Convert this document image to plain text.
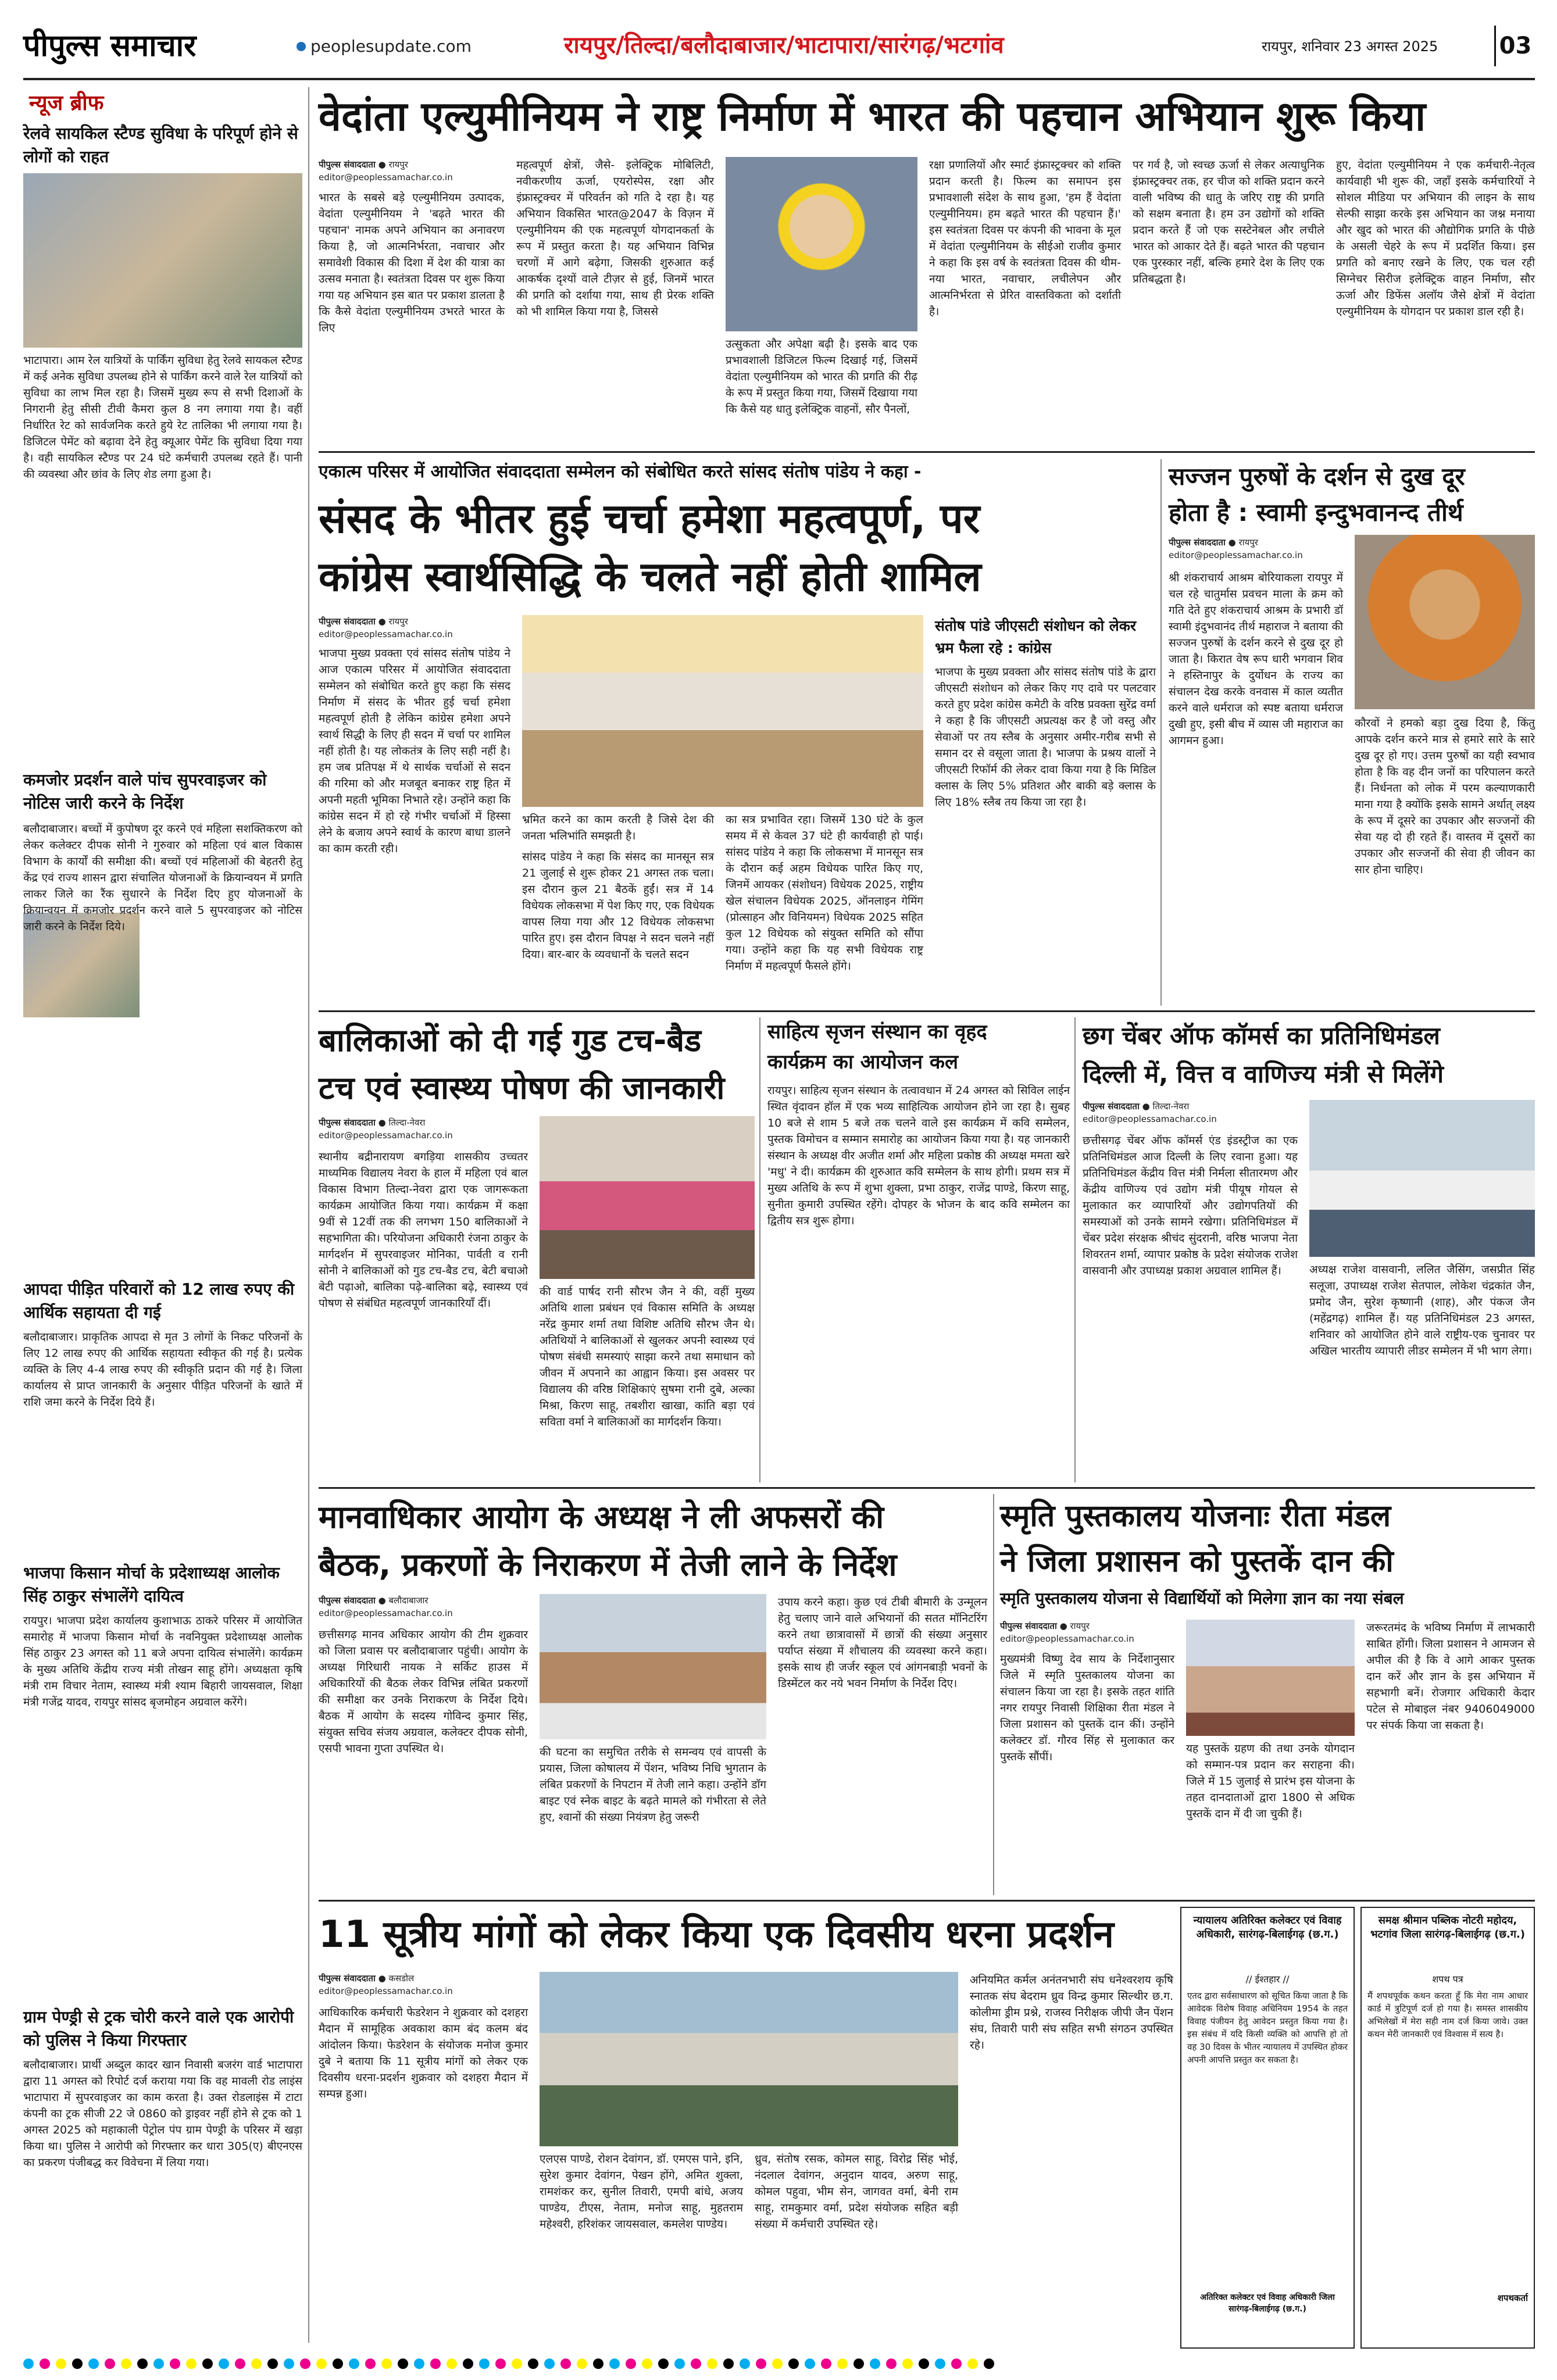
पीपुल्स समाचार	peoplesupdate.com	रायपुर/तिल्दा/बलौदाबाजार/भाटापारा/सारंगढ़/भटगांव	रायपुर, शनिवार 23 अगस्त 2025	03
न्यूज ब्रीफ
रेलवे सायकिल स्टैण्ड सुविधा के परिपूर्ण होने से लोगों को राहत
भाटापारा। आम रेल यात्रियों के पार्किंग सुविधा हेतु रेलवे सायकल स्टैण्ड में कई अनेक सुविधा उपलब्ध होने से पार्किंग करने वाले रेल यात्रियों को सुविधा का लाभ मिल रहा है। जिसमें मुख्य रूप से सभी दिशाओं के निगरानी हेतु सीसी टीवी कैमरा कुल 8 नग लगाया गया है। वहीं निर्धारित रेट को सार्वजनिक करते हुये रेट तालिका भी लगाया गया है। डिजिटल पेमेंट को बढ़ावा देने हेतु क्यूआर पेमेंट कि सुविधा दिया गया है। वही सायकिल स्टैण्ड पर 24 घंटे कर्मचारी उपलब्ध रहते हैं। पानी की व्यवस्था और छांव के लिए शेड लगा हुआ है।
कमजोर प्रदर्शन वाले पांच सुपरवाइजर को नोटिस जारी करने के निर्देश
बलौदाबाजार। बच्चों में कुपोषण दूर करने एवं महिला सशक्तिकरण को लेकर कलेक्टर दीपक सोनी ने गुरुवार को महिला एवं बाल विकास विभाग के कार्यों की समीक्षा की। बच्चों एवं महिलाओं की बेहतरी हेतु केंद्र एवं राज्य शासन द्वारा संचालित योजनाओं के क्रियान्वयन में प्रगति लाकर जिले का रैंक सुधारने के निर्देश दिए हुए योजनाओं के क्रियान्वयन में कमजोर प्रदर्शन करने वाले 5 सुपरवाइजर को नोटिस जारी करने के निर्देश दिये।
आपदा पीड़ित परिवारों को 12 लाख रुपए की आर्थिक सहायता दी गई
बलौदाबाजार। प्राकृतिक आपदा से मृत 3 लोगों के निकट परिजनों के लिए 12 लाख रुपए की आर्थिक सहायता स्वीकृत की गई है। प्रत्येक व्यक्ति के लिए 4-4 लाख रुपए की स्वीकृति प्रदान की गई है। जिला कार्यालय से प्राप्त जानकारी के अनुसार पीड़ित परिजनों के खाते में राशि जमा करने के निर्देश दिये हैं।
भाजपा किसान मोर्चा के प्रदेशाध्यक्ष आलोक सिंह ठाकुर संभालेंगे दायित्व
रायपुर। भाजपा प्रदेश कार्यालय कुशाभाऊ ठाकरे परिसर में आयोजित समारोह में भाजपा किसान मोर्चा के नवनियुक्त प्रदेशाध्यक्ष आलोक सिंह ठाकुर 23 अगस्त को 11 बजे अपना दायित्व संभालेंगे। कार्यक्रम के मुख्य अतिथि केंद्रीय राज्य मंत्री तोखन साहू होंगे। अध्यक्षता कृषि मंत्री राम विचार नेताम, स्वास्थ्य मंत्री श्याम बिहारी जायसवाल, शिक्षा मंत्री गजेंद्र यादव, रायपुर सांसद बृजमोहन अग्रवाल करेंगे।
ग्राम पेण्ड्री से ट्रक चोरी करने वाले एक आरोपी को पुलिस ने किया गिरफ्तार
बलौदाबाजार। प्रार्थी अब्दुल कादर खान निवासी बजरंग वार्ड भाटापारा द्वारा 11 अगस्त को रिपोर्ट दर्ज कराया गया कि वह मावली रोड लाइंस भाटापारा में सुपरवाइजर का काम करता है। उक्त रोडलाइंस में टाटा कंपनी का ट्रक सीजी 22 जे 0860 को ड्राइवर नहीं होने से ट्रक को 1 अगस्त 2025 को महाकाली पेट्रोल पंप ग्राम पेण्ड्री के परिसर में खड़ा किया था। पुलिस ने आरोपी को गिरफ्तार कर धारा 305(ए) बीएनएस का प्रकरण पंजीबद्ध कर विवेचना में लिया गया।
वेदांता एल्युमीनियम ने राष्ट्र निर्माण में भारत की पहचान अभियान शुरू किया
पीपुल्स संवाददाता ● रायपुर
editor@peoplessamachar.co.in
भारत के सबसे बड़े एल्युमीनियम उत्पादक, वेदांता एल्युमीनियम ने 'बढ़ते भारत की पहचान' नामक अपने अभियान का अनावरण किया है, जो आत्मनिर्भरता, नवाचार और समावेशी विकास की दिशा में देश की यात्रा का उत्सव मनाता है। स्वतंत्रता दिवस पर शुरू किया गया यह अभियान इस बात पर प्रकाश डालता है कि कैसे वेदांता एल्युमीनियम उभरते भारत के लिए
महत्वपूर्ण क्षेत्रों, जैसे- इलेक्ट्रिक मोबिलिटी, नवीकरणीय ऊर्जा, एयरोस्पेस, रक्षा और इंफ्रास्ट्रक्चर में परिवर्तन को गति दे रहा है। यह अभियान विकसित भारत@2047 के विज़न में एल्युमीनियम की एक महत्वपूर्ण योगदानकर्ता के रूप में प्रस्तुत करता है। यह अभियान विभिन्न चरणों में आगे बढ़ेगा, जिसकी शुरुआत कई आकर्षक दृश्यों वाले टीज़र से हुई, जिनमें भारत की प्रगति को दर्शाया गया, साथ ही प्रेरक शक्ति को भी शामिल किया गया है, जिससे
उत्सुकता और अपेक्षा बढ़ी है। इसके बाद एक प्रभावशाली डिजिटल फिल्म दिखाई गई, जिसमें वेदांता एल्युमीनियम को भारत की प्रगति की रीढ़ के रूप में प्रस्तुत किया गया, जिसमें दिखाया गया कि कैसे यह धातु इलेक्ट्रिक वाहनों, सौर पैनलों,
रक्षा प्रणालियों और स्मार्ट इंफ्रास्ट्रक्चर को शक्ति प्रदान करती है। फिल्म का समापन इस प्रभावशाली संदेश के साथ हुआ, 'हम हैं वेदांता एल्युमीनियम। हम बढ़ते भारत की पहचान हैं।' इस स्वतंत्रता दिवस पर कंपनी की भावना के मूल में वेदांता एल्युमीनियम के सीईओ राजीव कुमार ने कहा कि इस वर्ष के स्वतंत्रता दिवस की थीम- नया भारत, नवाचार, लचीलेपन और आत्मनिर्भरता से प्रेरित वास्तविकता को दर्शाती है।
पर गर्व है, जो स्वच्छ ऊर्जा से लेकर अत्याधुनिक इंफ्रास्ट्रक्चर तक, हर चीज को शक्ति प्रदान करने वाली भविष्य की धातु के जरिए राष्ट्र की प्रगति को सक्षम बनाता है। हम उन उद्योगों को शक्ति प्रदान करते हैं जो एक सस्टेनेबल और लचीले भारत को आकार देते हैं। बढ़ते भारत की पहचान एक पुरस्कार नहीं, बल्कि हमारे देश के लिए एक प्रतिबद्धता है।
हुए, वेदांता एल्युमीनियम ने एक कर्मचारी-नेतृत्व कार्यवाही भी शुरू की, जहाँ इसके कर्मचारियों ने सोशल मीडिया पर अभियान की लाइन के साथ सेल्फी साझा करके इस अभियान का जश्न मनाया और खुद को भारत की औद्योगिक प्रगति के पीछे के असली चेहरे के रूप में प्रदर्शित किया। इस प्रगति को बनाए रखने के लिए, एक चल रही सिग्नेचर सिरीज इलेक्ट्रिक वाहन निर्माण, सौर ऊर्जा और डिफेंस अलॉय जैसे क्षेत्रों में वेदांता एल्युमीनियम के योगदान पर प्रकाश डाल रही है।
एकात्म परिसर में आयोजित संवाददाता सम्मेलन को संबोधित करते सांसद संतोष पांडेय ने कहा -
संसद के भीतर हुई चर्चा हमेशा महत्वपूर्ण, पर
कांग्रेस स्वार्थसिद्धि के चलते नहीं होती शामिल
पीपुल्स संवाददाता ● रायपुर
editor@peoplessamachar.co.in
भाजपा मुख्य प्रवक्ता एवं सांसद संतोष पांडेय ने आज एकात्म परिसर में आयोजित संवाददाता सम्मेलन को संबोधित करते हुए कहा कि संसद निर्माण में संसद के भीतर हुई चर्चा हमेशा महत्वपूर्ण होती है लेकिन कांग्रेस हमेशा अपने स्वार्थ सिद्धी के लिए ही सदन में चर्चा पर शामिल नहीं होती है। यह लोकतंत्र के लिए सही नहीं है। हम जब प्रतिपक्ष में थे सार्थक चर्चाओं से सदन की गरिमा को और मजबूत बनाकर राष्ट्र हित में अपनी महती भूमिका निभाते रहे। उन्होंने कहा कि कांग्रेस सदन में हो रहे गंभीर चर्चाओं में हिस्सा लेने के बजाय अपने स्वार्थ के कारण बाधा डालने का काम करती रही।
भ्रमित करने का काम करती है जिसे देश की जनता भलिभांति समझती है।
सांसद पांडेय ने कहा कि संसद का मानसून सत्र 21 जुलाई से शुरू होकर 21 अगस्त तक चला। इस दौरान कुल 21 बैठकें हुईं। सत्र में 14 विधेयक लोकसभा में पेश किए गए, एक विधेयक वापस लिया गया और 12 विधेयक लोकसभा पारित हुए। इस दौरान विपक्ष ने सदन चलने नहीं दिया। बार-बार के व्यवधानों के चलते सदन
का सत्र प्रभावित रहा। जिसमें 130 घंटे के कुल समय में से केवल 37 घंटे ही कार्यवाही हो पाई। सांसद पांडेय ने कहा कि लोकसभा में मानसून सत्र के दौरान कई अहम विधेयक पारित किए गए, जिनमें आयकर (संशोधन) विधेयक 2025, राष्ट्रीय खेल संचालन विधेयक 2025, ऑनलाइन गेमिंग (प्रोत्साहन और विनियमन) विधेयक 2025 सहित कुल 12 विधेयक को संयुक्त समिति को सौंपा गया। उन्होंने कहा कि यह सभी विधेयक राष्ट्र निर्माण में महत्वपूर्ण फैसले होंगे।
संतोष पांडे जीएसटी संशोधन को लेकर भ्रम फैला रहे : कांग्रेस
भाजपा के मुख्य प्रवक्ता और सांसद संतोष पांडे के द्वारा जीएसटी संशोधन को लेकर किए गए दावे पर पलटवार करते हुए प्रदेश कांग्रेस कमेटी के वरिष्ठ प्रवक्ता सुरेंद्र वर्मा ने कहा है कि जीएसटी अप्रत्यक्ष कर है जो वस्तु और सेवाओं पर तय स्लैब के अनुसार अमीर-गरीब सभी से समान दर से वसूला जाता है। भाजपा के प्रश्रय वालों ने जीएसटी रिफॉर्म की लेकर दावा किया गया है कि मिडिल क्लास के लिए 5% प्रतिशत और बाकी बड़े क्लास के लिए 18% स्लैब तय किया जा रहा है।
सज्जन पुरुषों के दर्शन से दुख दूर
होता है : स्वामी इन्दुभवानन्द तीर्थ
पीपुल्स संवाददाता ● रायपुर
editor@peoplessamachar.co.in
श्री शंकराचार्य आश्रम बोरियाकला रायपुर में चल रहे चातुर्मास प्रवचन माला के क्रम को गति देते हुए शंकराचार्य आश्रम के प्रभारी डॉ स्वामी इंदुभवानंद तीर्थ महाराज ने बताया की सज्जन पुरुषों के दर्शन करने से दुख दूर हो जाता है। किरात वेष रूप धारी भगवान शिव ने हस्तिनापुर के दुर्योधन के राज्य का संचालन देख करके वनवास में काल व्यतीत करने वाले धर्मराज को स्पष्ट बताया धर्मराज दुखी हुए, इसी बीच में व्यास जी महाराज का आगमन हुआ।
कौरवों ने हमको बड़ा दुख दिया है, किंतु आपके दर्शन करने मात्र से हमारे सारे के सारे दुख दूर हो गए। उत्तम पुरुषों का यही स्वभाव होता है कि वह दीन जनों का परिपालन करते हैं। निर्धनता को लोक में परम कल्याणकारी माना गया है क्योंकि इसके सामने अर्थात् लक्ष्य के रूप में दूसरे का उपकार और सज्जनों की सेवा यह दो ही रहते हैं। वास्तव में दूसरों का उपकार और सज्जनों की सेवा ही जीवन का सार होना चाहिए।
बालिकाओं को दी गई गुड टच-बैड
टच एवं स्वास्थ्य पोषण की जानकारी
पीपुल्स संवाददाता ● तिल्दा-नेवरा
editor@peoplessamachar.co.in
स्थानीय बद्रीनारायण बगड़िया शासकीय उच्चतर माध्यमिक विद्यालय नेवरा के हाल में महिला एवं बाल विकास विभाग तिल्दा-नेवरा द्वारा एक जागरूकता कार्यक्रम आयोजित किया गया। कार्यक्रम में कक्षा 9वीं से 12वीं तक की लगभग 150 बालिकाओं ने सहभागिता की। परियोजना अधिकारी रंजना ठाकुर के मार्गदर्शन में सुपरवाइजर मोनिका, पार्वती व रानी सोनी ने बालिकाओं को गुड टच-बैड टच, बेटी बचाओ बेटी पढ़ाओ, बालिका पढ़े-बालिका बढ़े, स्वास्थ्य एवं पोषण से संबंधित महत्वपूर्ण जानकारियाँ दीं।
की वार्ड पार्षद रानी सौरभ जैन ने की, वहीं मुख्य अतिथि शाला प्रबंधन एवं विकास समिति के अध्यक्ष नरेंद्र कुमार शर्मा तथा विशिष्ट अतिथि सौरभ जैन थे। अतिथियों ने बालिकाओं से खुलकर अपनी स्वास्थ्य एवं पोषण संबंधी समस्याएं साझा करने तथा समाधान को जीवन में अपनाने का आह्वान किया। इस अवसर पर विद्यालय की वरिष्ठ शिक्षिकाएं सुषमा रानी दुबे, अल्का मिश्रा, किरण साहू, तबशीरा खाखा, कांति बड़ा एवं सविता वर्मा ने बालिकाओं का मार्गदर्शन किया।
साहित्य सृजन संस्थान का वृहद
कार्यक्रम का आयोजन कल
रायपुर। साहित्य सृजन संस्थान के तत्वावधान में 24 अगस्त को सिविल लाईन स्थित वृंदावन हॉल में एक भव्य साहित्यिक आयोजन होने जा रहा है। सुबह 10 बजे से शाम 5 बजे तक चलने वाले इस कार्यक्रम में कवि सम्मेलन, पुस्तक विमोचन व सम्मान समारोह का आयोजन किया गया है। यह जानकारी संस्थान के अध्यक्ष वीर अजीत शर्मा और महिला प्रकोष्ठ की अध्यक्ष ममता खरे 'मधु' ने दी। कार्यक्रम की शुरुआत कवि सम्मेलन के साथ होगी। प्रथम सत्र में मुख्य अतिथि के रूप में शुभा शुक्ला, प्रभा ठाकुर, राजेंद्र पाण्डे, किरण साहू, सुनीता कुमारी उपस्थित रहेंगे। दोपहर के भोजन के बाद कवि सम्मेलन का द्वितीय सत्र शुरू होगा।
छग चेंबर ऑफ कॉमर्स का प्रतिनिधिमंडल
दिल्ली में, वित्त व वाणिज्य मंत्री से मिलेंगे
पीपुल्स संवाददाता ● तिल्दा-नेवरा
editor@peoplessamachar.co.in
छत्तीसगढ़ चेंबर ऑफ कॉमर्स एंड इंडस्ट्रीज का एक प्रतिनिधिमंडल आज दिल्ली के लिए रवाना हुआ। यह प्रतिनिधिमंडल केंद्रीय वित्त मंत्री निर्मला सीतारमण और केंद्रीय वाणिज्य एवं उद्योग मंत्री पीयूष गोयल से मुलाकात कर व्यापारियों और उद्योगपतियों की समस्याओं को उनके सामने रखेगा। प्रतिनिधिमंडल में चेंबर प्रदेश संरक्षक श्रीचंद सुंदरानी, वरिष्ठ भाजपा नेता शिवरतन शर्मा, व्यापार प्रकोष्ठ के प्रदेश संयोजक राजेश वासवानी और उपाध्यक्ष प्रकाश अग्रवाल शामिल हैं।	अध्यक्ष राजेश वासवानी, ललित जैसिंग, जसप्रीत सिंह सलूजा, उपाध्यक्ष राजेश सेतपाल, लोकेश चंद्रकांत जैन, प्रमोद जैन, सुरेश कृष्णानी (शाह), और पंकज जैन (महेंद्रगढ़) शामिल हैं। यह प्रतिनिधिमंडल 23 अगस्त, शनिवार को आयोजित होने वाले राष्ट्रीय-एक चुनावर पर अखिल भारतीय व्यापारी लीडर सम्मेलन में भी भाग लेगा।
मानवाधिकार आयोग के अध्यक्ष ने ली अफसरों की
बैठक, प्रकरणों के निराकरण में तेजी लाने के निर्देश
पीपुल्स संवाददाता ● बलौदाबाजार
editor@peoplessamachar.co.in
छत्तीसगढ़ मानव अधिकार आयोग की टीम शुक्रवार को जिला प्रवास पर बलौदाबाजार पहुंची। आयोग के अध्यक्ष गिरिधारी नायक ने सर्किट हाउस में अधिकारियों की बैठक लेकर विभिन्न लंबित प्रकरणों की समीक्षा कर उनके निराकरण के निर्देश दिये। बैठक में आयोग के सदस्य गोविन्द कुमार सिंह, संयुक्त सचिव संजय अग्रवाल, कलेक्टर दीपक सोनी, एसपी भावना गुप्ता उपस्थित थे।	की घटना का समुचित तरीके से समन्वय एवं वापसी के प्रयास, जिला कोषालय में पेंशन, भविष्य निधि भुगतान के लंबित प्रकरणों के निपटान में तेजी लाने कहा। उन्होंने डाॅग बाइट एवं स्नेक बाइट के बढ़ते मामले को गंभीरता से लेते हुए, श्वानों की संख्या नियंत्रण हेतु जरूरी
उपाय करने कहा। कुछ एवं टीबी बीमारी के उन्मूलन हेतु चलाए जाने वाले अभियानों की सतत मॉनिटरिंग करने तथा छात्रावासों में छात्रों की संख्या अनुसार पर्याप्त संख्या में शौचालय की व्यवस्था करने कहा। इसके साथ ही जर्जर स्कूल एवं आंगनबाड़ी भवनों के डिस्मेंटल कर नये भवन निर्माण के निर्देश दिए।
स्मृति पुस्तकालय योजनाः रीता मंडल
ने जिला प्रशासन को पुस्तकें दान की
स्मृति पुस्तकालय योजना से विद्यार्थियों को मिलेगा ज्ञान का नया संबल
पीपुल्स संवाददाता ● रायपुर
editor@peoplessamachar.co.in
मुख्यमंत्री विष्णु देव साय के निर्देशानुसार जिले में स्मृति पुस्तकालय योजना का संचालन किया जा रहा है। इसके तहत शांति नगर रायपुर निवासी शिक्षिका रीता मंडल ने जिला प्रशासन को पुस्तकें दान कीं। उन्होंने कलेक्टर डॉ. गौरव सिंह से मुलाकात कर पुस्तकें सौंपीं।
यह पुस्तकें ग्रहण की तथा उनके योगदान को सम्मान-पत्र प्रदान कर सराहना की। जिले में 15 जुलाई से प्रारंभ इस योजना के तहत दानदाताओं द्वारा 1800 से अधिक पुस्तकें दान में दी जा चुकी हैं।
जरूरतमंद के भविष्य निर्माण में लाभकारी साबित होंगी। जिला प्रशासन ने आमजन से अपील की है कि वे आगे आकर पुस्तक दान करें और ज्ञान के इस अभियान में सहभागी बनें। रोजगार अधिकारी केदार पटेल से मोबाइल नंबर 9406049000 पर संपर्क किया जा सकता है।
11 सूत्रीय मांगों को लेकर किया एक दिवसीय धरना प्रदर्शन
पीपुल्स संवाददाता ● कसडोल
editor@peoplessamachar.co.in
आधिकारिक कर्मचारी फेडरेशन ने शुक्रवार को दशहरा मैदान में सामूहिक अवकाश काम बंद कलम बंद आंदोलन किया। फेडरेशन के संयोजक मनोज कुमार दुबे ने बताया कि 11 सूत्रीय मांगों को लेकर एक दिवसीय धरना-प्रदर्शन शुक्रवार को दशहरा मैदान में सम्पन्न हुआ।
एलएस पाण्डे, रोशन देवांगन, डॉ. एमएस पाने, इनि, सुरेश कुमार देवांगन, पेखन होंगे, अमित शुक्ला, रामशंकर कर, सुनील तिवारी, एमपी बांधे, अजय पाण्डेय, टीएस, नेताम, मनोज साहू, मुहतराम महेश्वरी, हरिशंकर जायसवाल, कमलेश पाण्डेय।
ध्रुव, संतोष रसक, कोमल साहू, विरोद्र सिंह भोई, नंदलाल देवांगन, अनुदान यादव, अरुण साहू, कोमल पहुवा, भीम सेन, जागवत वर्मा, बेनी राम साहू, रामकुमार वर्मा, प्रदेश संयोजक सहित बड़ी संख्या में कर्मचारी उपस्थित रहे।
अनियमित कर्मल अनंतनभारी संघ धनेश्वरशय कृषि स्नातक संघ बेदराम ध्रुव विन्द्र कुमार सिल्थीर छ.ग. कोलीमा ड्रीम प्रश्ने, राजस्व निरीक्षक जीपी जैन पेंशन संघ, तिवारी पारी संघ सहित सभी संगठन उपस्थित रहे।
न्यायालय अतिरिक्त कलेक्टर एवं विवाह अधिकारी, सारंगढ़-बिलाईगढ़ (छ.ग.)
// ईश्तहार //
एतद द्वारा सर्वसाधारण को सूचित किया जाता है कि आवेदक विशेष विवाह अधिनियम 1954 के तहत विवाह पंजीयन हेतु आवेदन प्रस्तुत किया गया है। इस संबंध में यदि किसी व्यक्ति को आपत्ति हो तो वह 30 दिवस के भीतर न्यायालय में उपस्थित होकर अपनी आपत्ति प्रस्तुत कर सकता है।
अतिरिक्त कलेक्टर एवं विवाह अधिकारी जिला सारंगढ़-बिलाईगढ़ (छ.ग.)
समक्ष श्रीमान पब्लिक नोटरी महोदय, भटगांव जिला सारंगढ़-बिलाईगढ़ (छ.ग.)
शपथ पत्र
मैं शपथपूर्वक कथन करता हूँ कि मेरा नाम आधार कार्ड में त्रुटिपूर्ण दर्ज हो गया है। समस्त शासकीय अभिलेखों में मेरा सही नाम दर्ज किया जावे। उक्त कथन मेरी जानकारी एवं विश्वास में सत्य है।
शपथकर्ता
